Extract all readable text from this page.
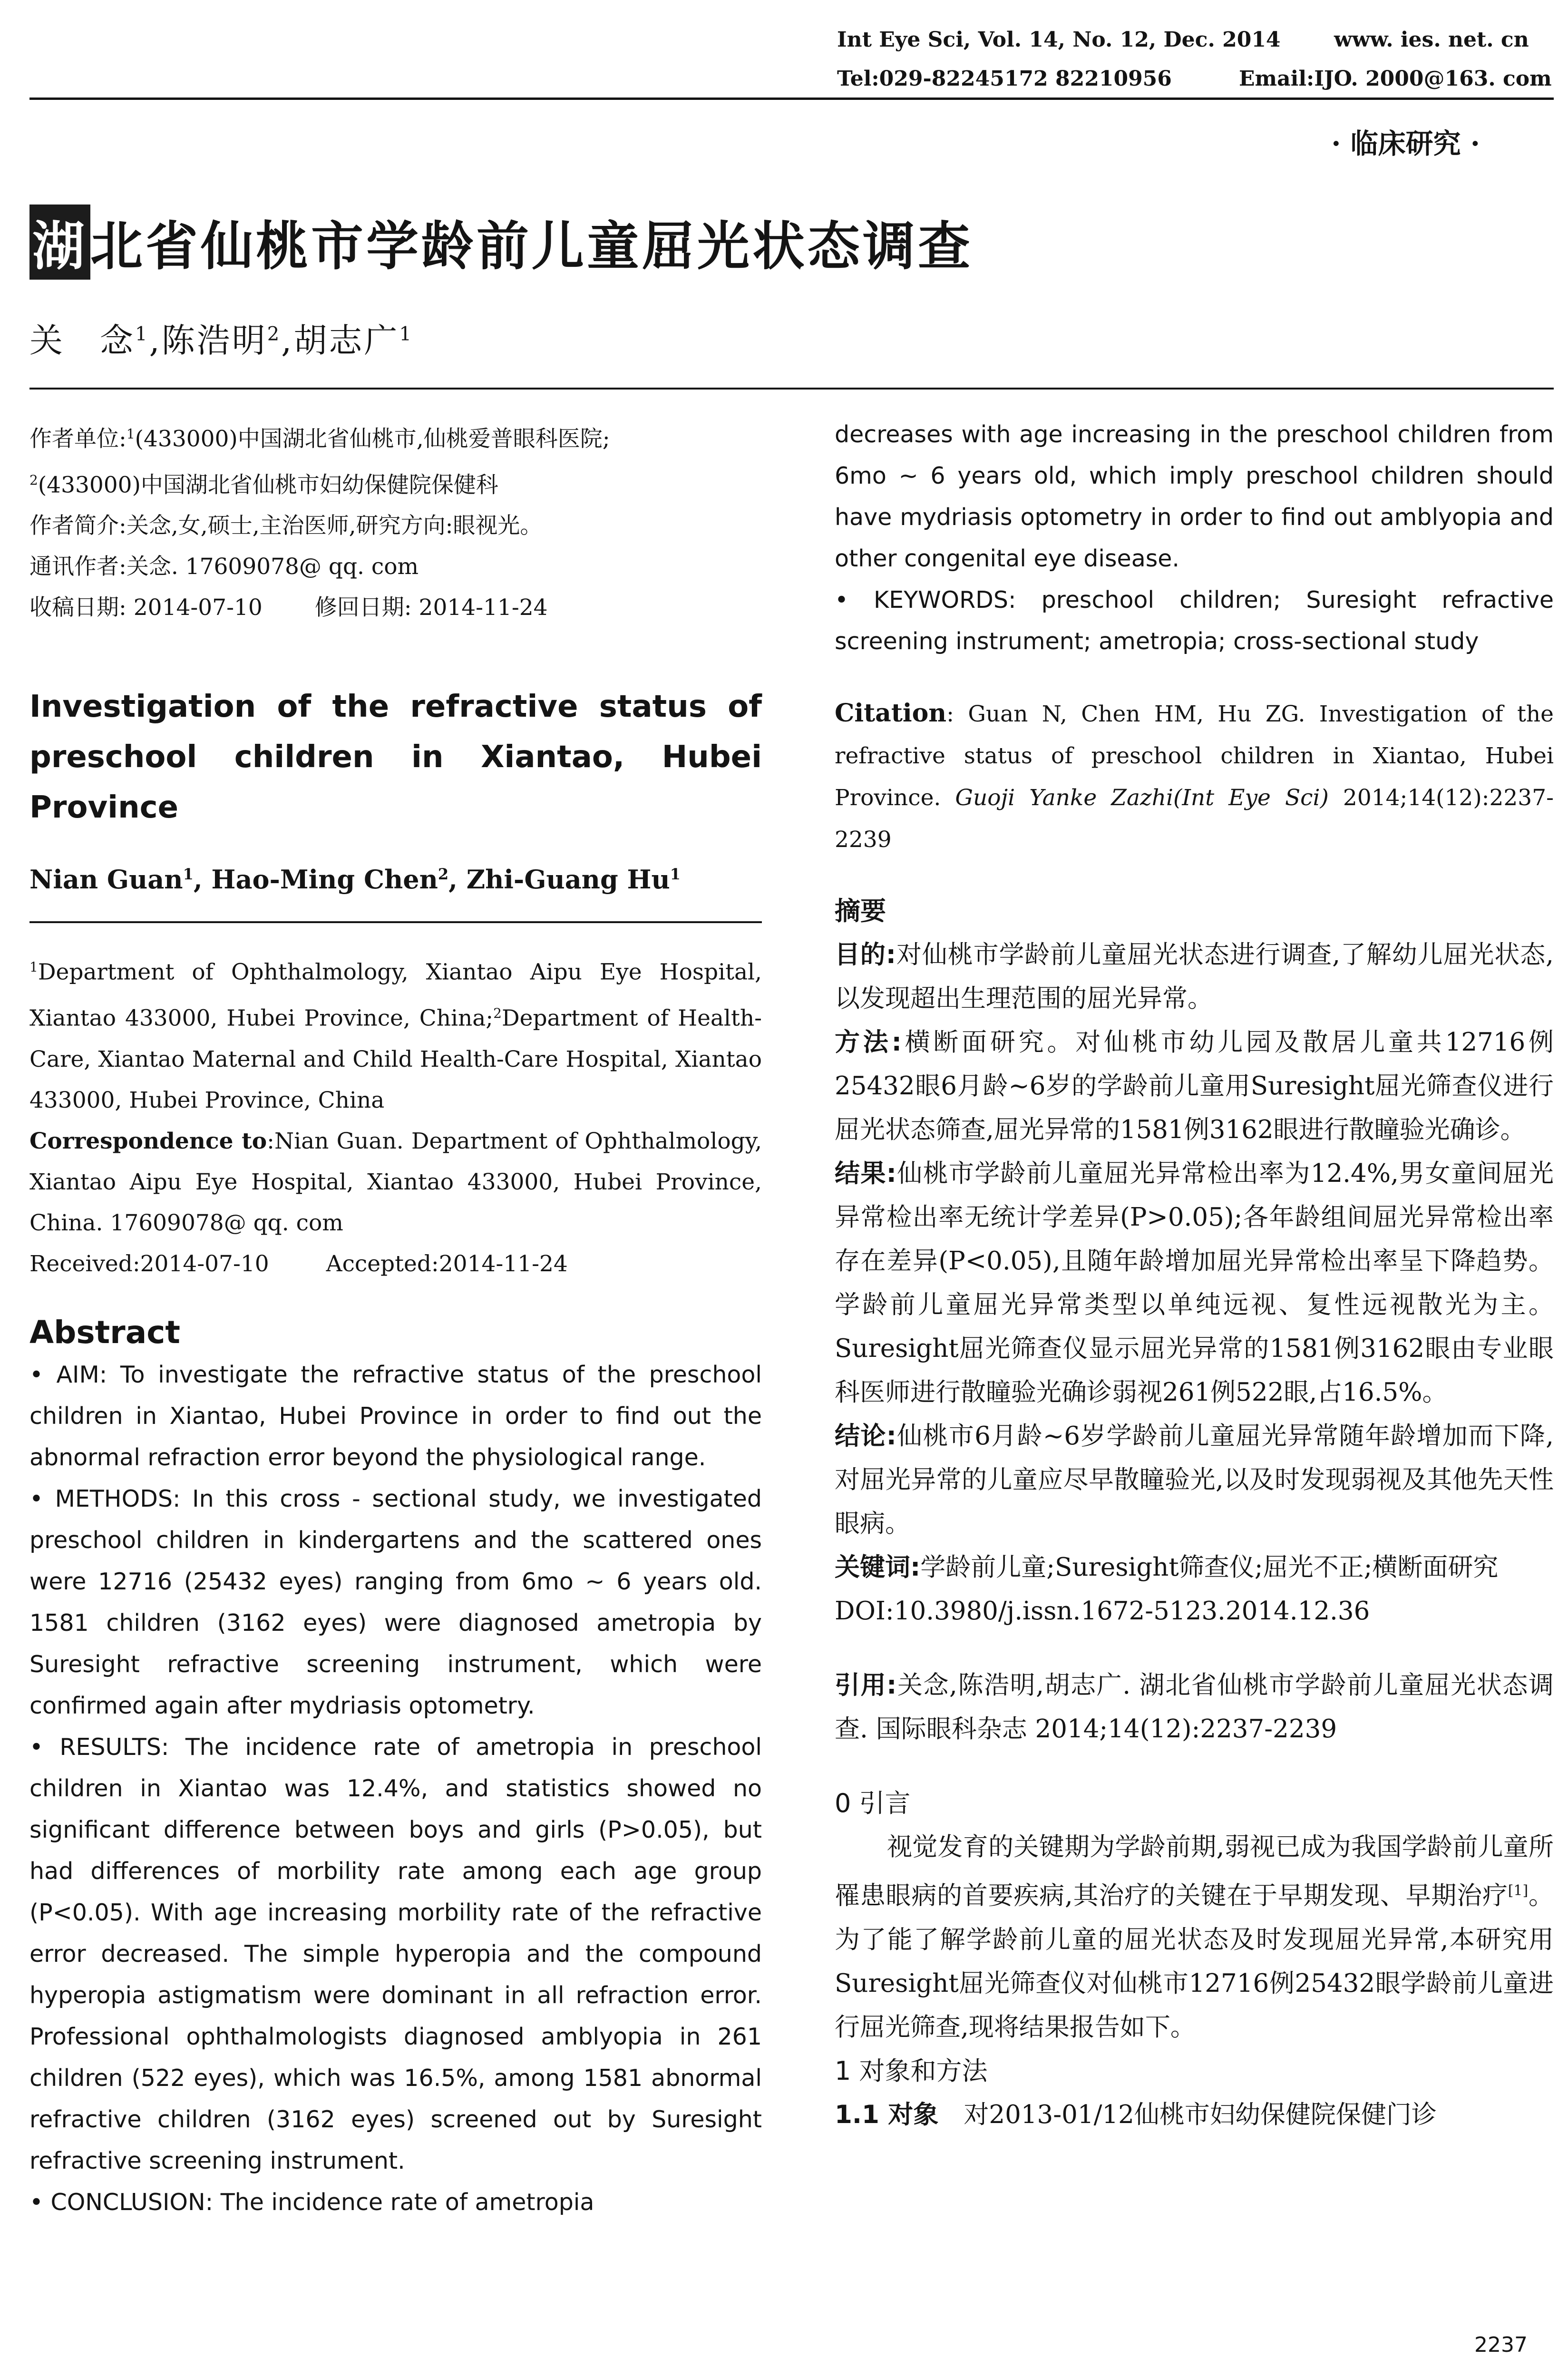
Int Eye Sci, Vol. 14, No. 12, Dec. 2014	www. ies. net. cn
Tel:029-82245172 82210956	Email:IJO. 2000@163. com
· 临床研究 ·
湖北省仙桃市学龄前儿童屈光状态调查
关　念$^1$,陈浩明$^2$,胡志广$^1$

作者单位:$^1$(433000)中国湖北省仙桃市,仙桃爱普眼科医院;

$^2$(433000)中国湖北省仙桃市妇幼保健院保健科

作者简介:关念,女,硕士,主治医师,研究方向:眼视光。

通讯作者:关念. 17609078@ qq. com

收稿日期: 2014-07-10 修回日期: 2014-11-24

Investigation of the refractive status of preschool children in Xiantao, Hubei Province
Nian Guan$^1$, Hao-Ming Chen$^2$, Zhi-Guang Hu$^1$
$^1$Department of Ophthalmology, Xiantao Aipu Eye Hospital, Xiantao 433000, Hubei Province, China;$^2$Department of Health-Care, Xiantao Maternal and Child Health-Care Hospital, Xiantao 433000, Hubei Province, China
Correspondence to:Nian Guan. Department of Ophthalmology, Xiantao Aipu Eye Hospital, Xiantao 433000, Hubei Province, China. 17609078@ qq. com
Received:2014-07-10	Accepted:2014-11-24
Abstract

• AIM: To investigate the refractive status of the preschool children in Xiantao, Hubei Province in order to find out the abnormal refraction error beyond the physiological range.

• METHODS: In this cross - sectional study, we investigated preschool children in kindergartens and the scattered ones were 12716 (25432 eyes) ranging from 6mo ~ 6 years old. 1581 children (3162 eyes) were diagnosed ametropia by Suresight refractive screening instrument, which were confirmed again after mydriasis optometry.

• RESULTS: The incidence rate of ametropia in preschool children in Xiantao was 12.4%, and statistics showed no significant difference between boys and girls (P>0.05), but had differences of morbility rate among each age group (P<0.05). With age increasing morbility rate of the refractive error decreased. The simple hyperopia and the compound hyperopia astigmatism were dominant in all refraction error. Professional ophthalmologists diagnosed amblyopia in 261 children (522 eyes), which was 16.5%, among 1581 abnormal refractive children (3162 eyes) screened out by Suresight refractive screening instrument.

• CONCLUSION: The incidence rate of ametropia

decreases with age increasing in the preschool children from 6mo ~ 6 years old, which imply preschool children should have mydriasis optometry in order to find out amblyopia and other congenital eye disease.

• KEYWORDS: preschool children; Suresight refractive screening instrument; ametropia; cross-sectional study

Citation: Guan N, Chen HM, Hu ZG. Investigation of the refractive status of preschool children in Xiantao, Hubei Province. Guoji Yanke Zazhi(Int Eye Sci) 2014;14(12):2237-2239
摘要

目的:对仙桃市学龄前儿童屈光状态进行调查,了解幼儿屈光状态,以发现超出生理范围的屈光异常。

方法:横断面研究。对仙桃市幼儿园及散居儿童共12716例25432眼6月龄~6岁的学龄前儿童用Suresight屈光筛查仪进行屈光状态筛查,屈光异常的1581例3162眼进行散瞳验光确诊。

结果:仙桃市学龄前儿童屈光异常检出率为12.4%,男女童间屈光异常检出率无统计学差异(P>0.05);各年龄组间屈光异常检出率存在差异(P<0.05),且随年龄增加屈光异常检出率呈下降趋势。学龄前儿童屈光异常类型以单纯远视、复性远视散光为主。Suresight屈光筛查仪显示屈光异常的1581例3162眼由专业眼科医师进行散瞳验光确诊弱视261例522眼,占16.5%。

结论:仙桃市6月龄~6岁学龄前儿童屈光异常随年龄增加而下降,对屈光异常的儿童应尽早散瞳验光,以及时发现弱视及其他先天性眼病。

关键词:学龄前儿童;Suresight筛查仪;屈光不正;横断面研究

DOI:10.3980/j.issn.1672-5123.2014.12.36

引用:关念,陈浩明,胡志广. 湖北省仙桃市学龄前儿童屈光状态调查. 国际眼科杂志 2014;14(12):2237-2239

0 引言

视觉发育的关键期为学龄前期,弱视已成为我国学龄前儿童所罹患眼病的首要疾病,其治疗的关键在于早期发现、早期治疗[1]。为了能了解学龄前儿童的屈光状态及时发现屈光异常,本研究用Suresight屈光筛查仪对仙桃市12716例25432眼学龄前儿童进行屈光筛查,现将结果报告如下。

1 对象和方法

1.1 对象　对2013-01/12仙桃市妇幼保健院保健门诊

2237
